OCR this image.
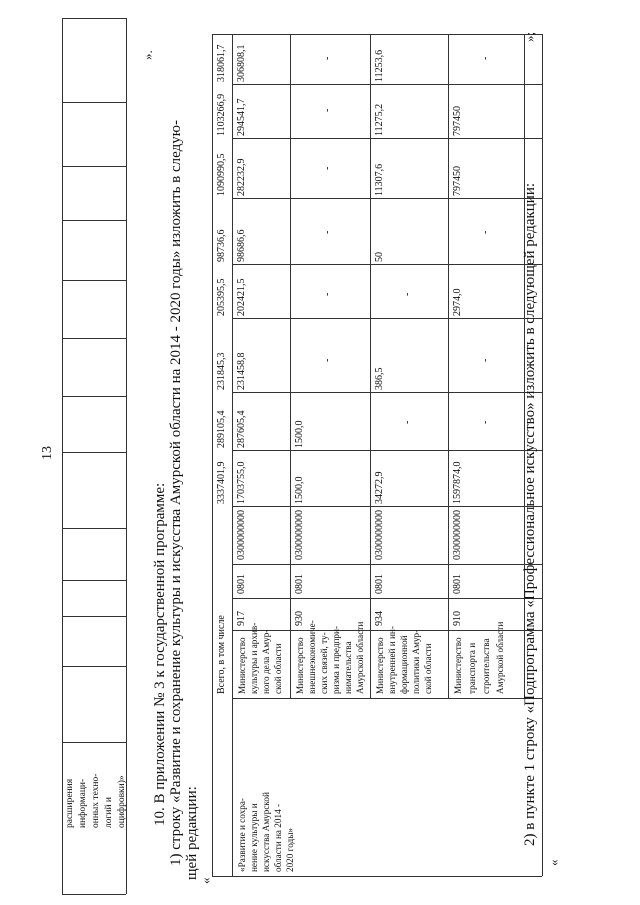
13
расширения информаци- онных техно- логий и оцифровки)»
».
10. В приложении № 3 к государственной программе: 1) строку «Развитие и сохранение культуры и искусства Амурской области на 2014 - 2020 годы» изложить в следую- щей редакции:
«
«Развитие и сохра- нение культуры и искусства Амурской области на 2014 - 2020 годы»
Всего, в том числе
3337401,9
289105,4
231845,3
205395,5
98736,6
1090990,5
1103266,9
318061,7
Министерство культуры и архив- ного дела Амур- ской области
917
0801
0300000000
1703755,0
287605,4
231458,8
202421,5
98686,6
282232,9
294541,7
306808,1
Министерство внешнеэкономиче- ских связей, ту- ризма и предпри- нимательства Амурской области
930
0801
0300000000
1500,0
1500,0
-
-
-
-
-
-
Министерство внутренней и ин- формационной политики Амур- ской области
934
0801
0300000000
34272,9
-
386,5
-
50
11307,6
11275,2
11253,6
Министерство транспорта и строительства Амурской области
910
0801
0300000000
1597874,0
-
-
2974,0
-
797450
797450
-
»;
2) в пункте 1 строку «Подпрограмма «Профессиональное искусство» изложить в следующей редакции:
«
